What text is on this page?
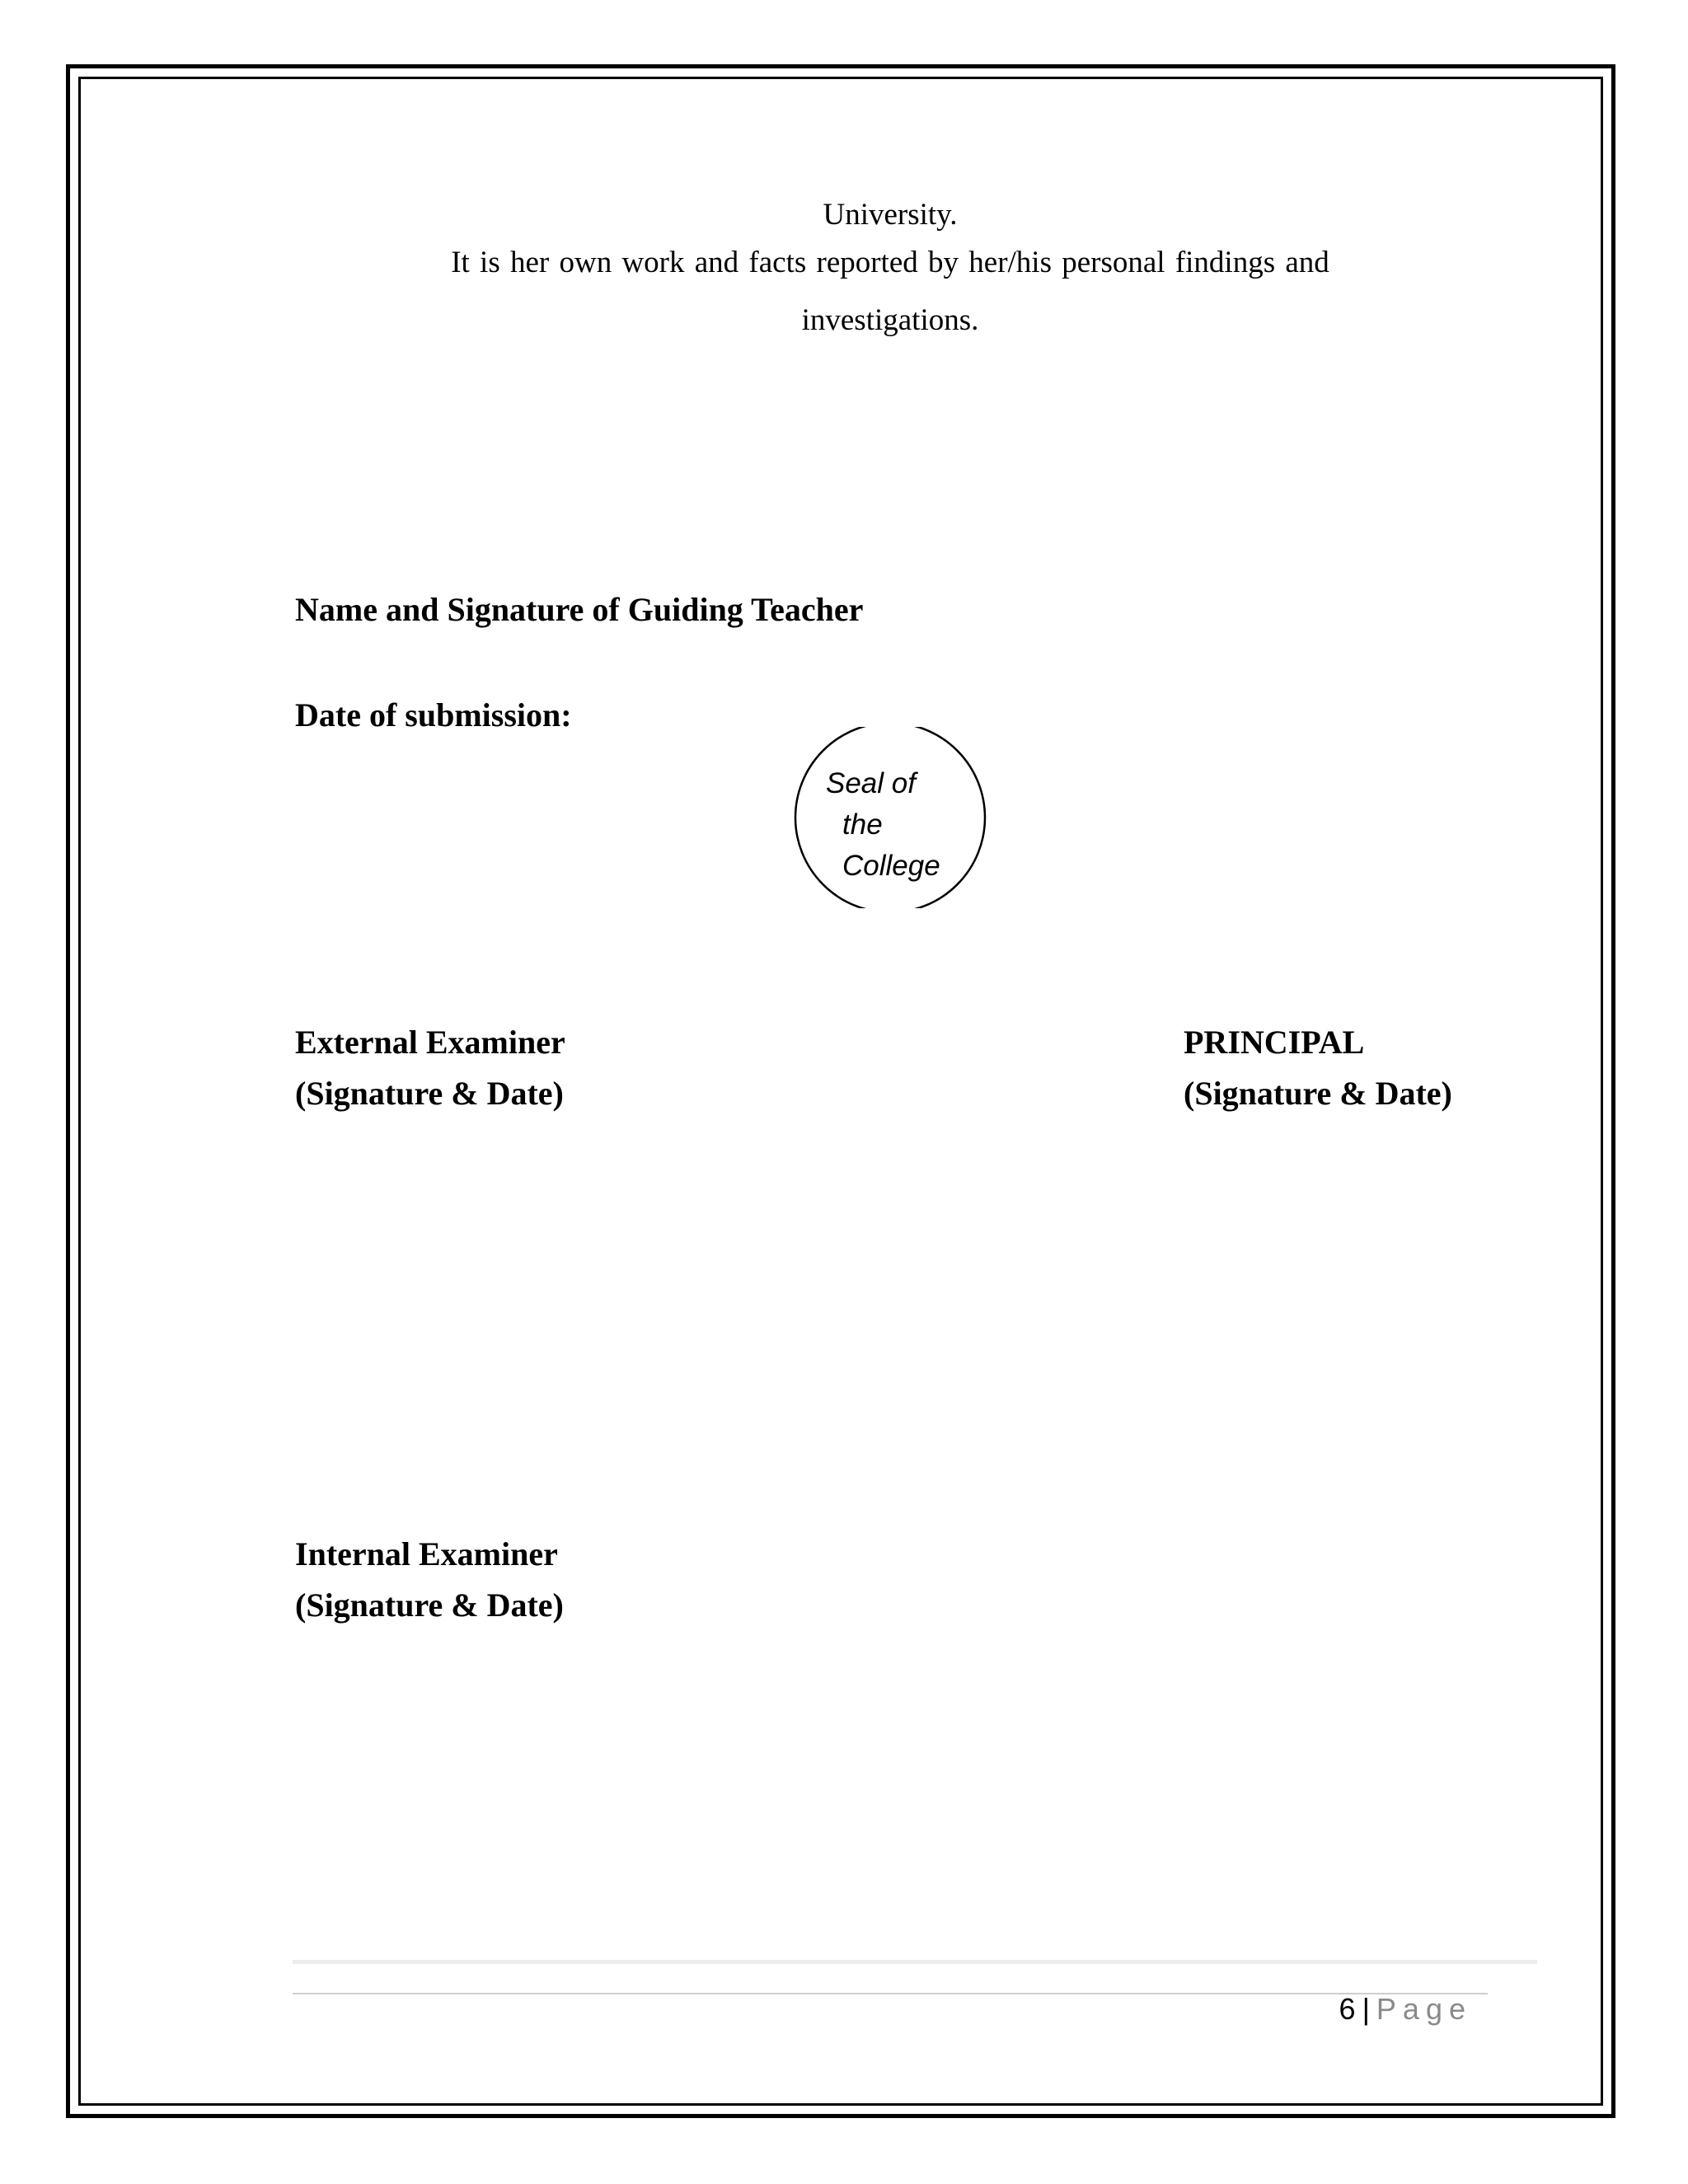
University.
It is her own work and facts reported by her/his personal findings and
investigations.
Name and Signature of Guiding Teacher
Date of submission:
Seal of
the
College
External Examiner
(Signature & Date)
PRINCIPAL
(Signature & Date)
Internal Examiner
(Signature & Date)
6 | Page
